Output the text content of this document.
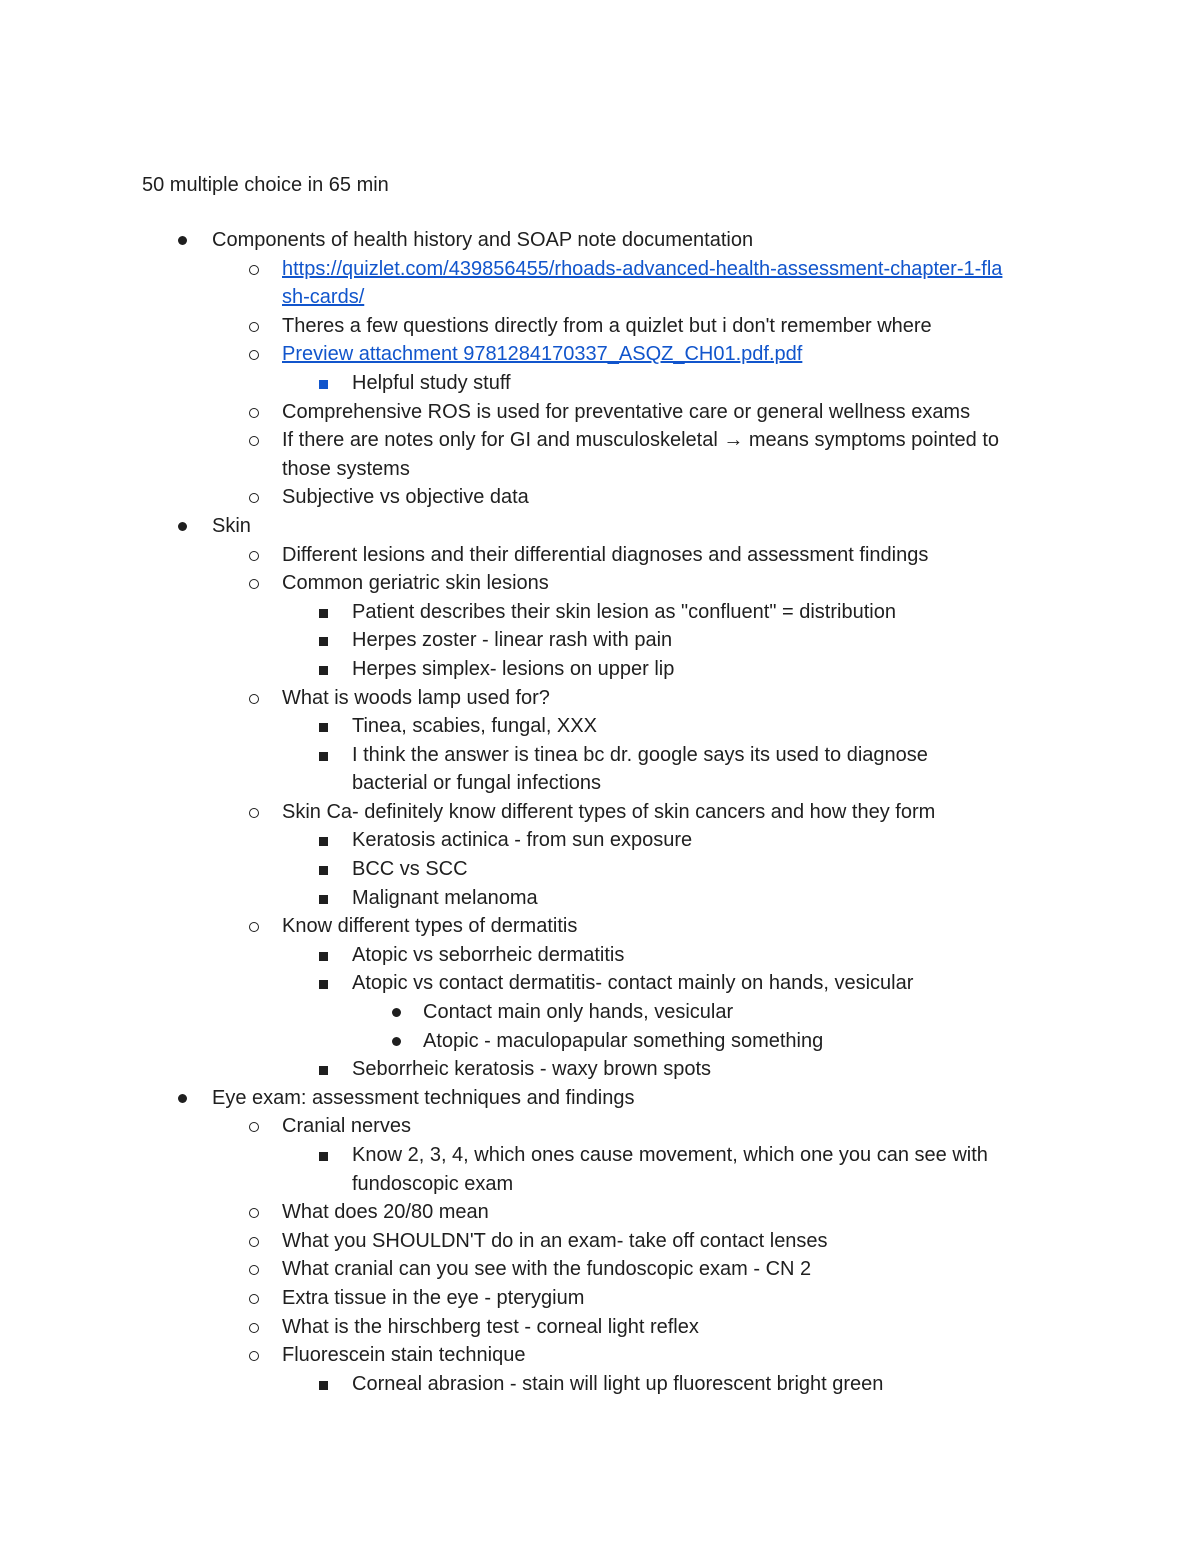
50 multiple choice in 65 min
Components of health history and SOAP note documentation
https://quizlet.com/439856455/rhoads-advanced-health-assessment-chapter-1-fla
sh-cards/
Theres a few questions directly from a quizlet but i don't remember where
Preview attachment 9781284170337_ASQZ_CH01.pdf.pdf
Helpful study stuff
Comprehensive ROS is used for preventative care or general wellness exams
If there are notes only for GI and musculoskeletal → means symptoms pointed to
those systems
Subjective vs objective data
Skin
Different lesions and their differential diagnoses and assessment findings
Common geriatric skin lesions
Patient describes their skin lesion as "confluent" = distribution
Herpes zoster - linear rash with pain
Herpes simplex- lesions on upper lip
What is woods lamp used for?
Tinea, scabies, fungal, XXX
I think the answer is tinea bc dr. google says its used to diagnose
bacterial or fungal infections
Skin Ca- definitely know different types of skin cancers and how they form
Keratosis actinica - from sun exposure
BCC vs SCC
Malignant melanoma
Know different types of dermatitis
Atopic vs seborrheic dermatitis
Atopic vs contact dermatitis- contact mainly on hands, vesicular
Contact main only hands, vesicular
Atopic - maculopapular something something
Seborrheic keratosis - waxy brown spots
Eye exam: assessment techniques and findings
Cranial nerves
Know 2, 3, 4, which ones cause movement, which one you can see with
fundoscopic exam
What does 20/80 mean
What you SHOULDN'T do in an exam- take off contact lenses
What cranial can you see with the fundoscopic exam - CN 2
Extra tissue in the eye - pterygium
What is the hirschberg test - corneal light reflex
Fluorescein stain technique
Corneal abrasion - stain will light up fluorescent bright green
